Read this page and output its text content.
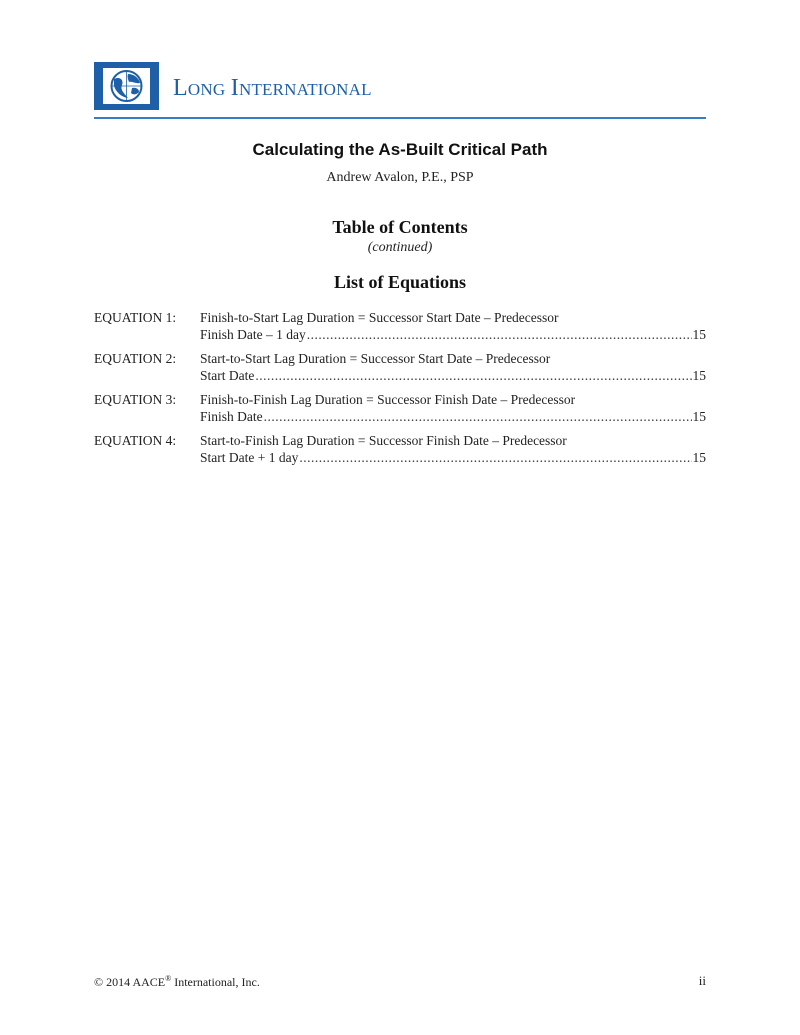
LONG INTERNATIONAL
Calculating the As-Built Critical Path
Andrew Avalon, P.E., PSP
Table of Contents
(continued)
List of Equations
EQUATION 1: Finish-to-Start Lag Duration = Successor Start Date – Predecessor
Finish Date – 1 day .....	15
EQUATION 2: Start-to-Start Lag Duration = Successor Start Date – Predecessor
Start Date .....	15
EQUATION 3: Finish-to-Finish Lag Duration = Successor Finish Date – Predecessor
Finish Date .....	15
EQUATION 4: Start-to-Finish Lag Duration = Successor Finish Date – Predecessor
Start Date + 1 day .....	15
© 2014 AACE® International, Inc.	ii
